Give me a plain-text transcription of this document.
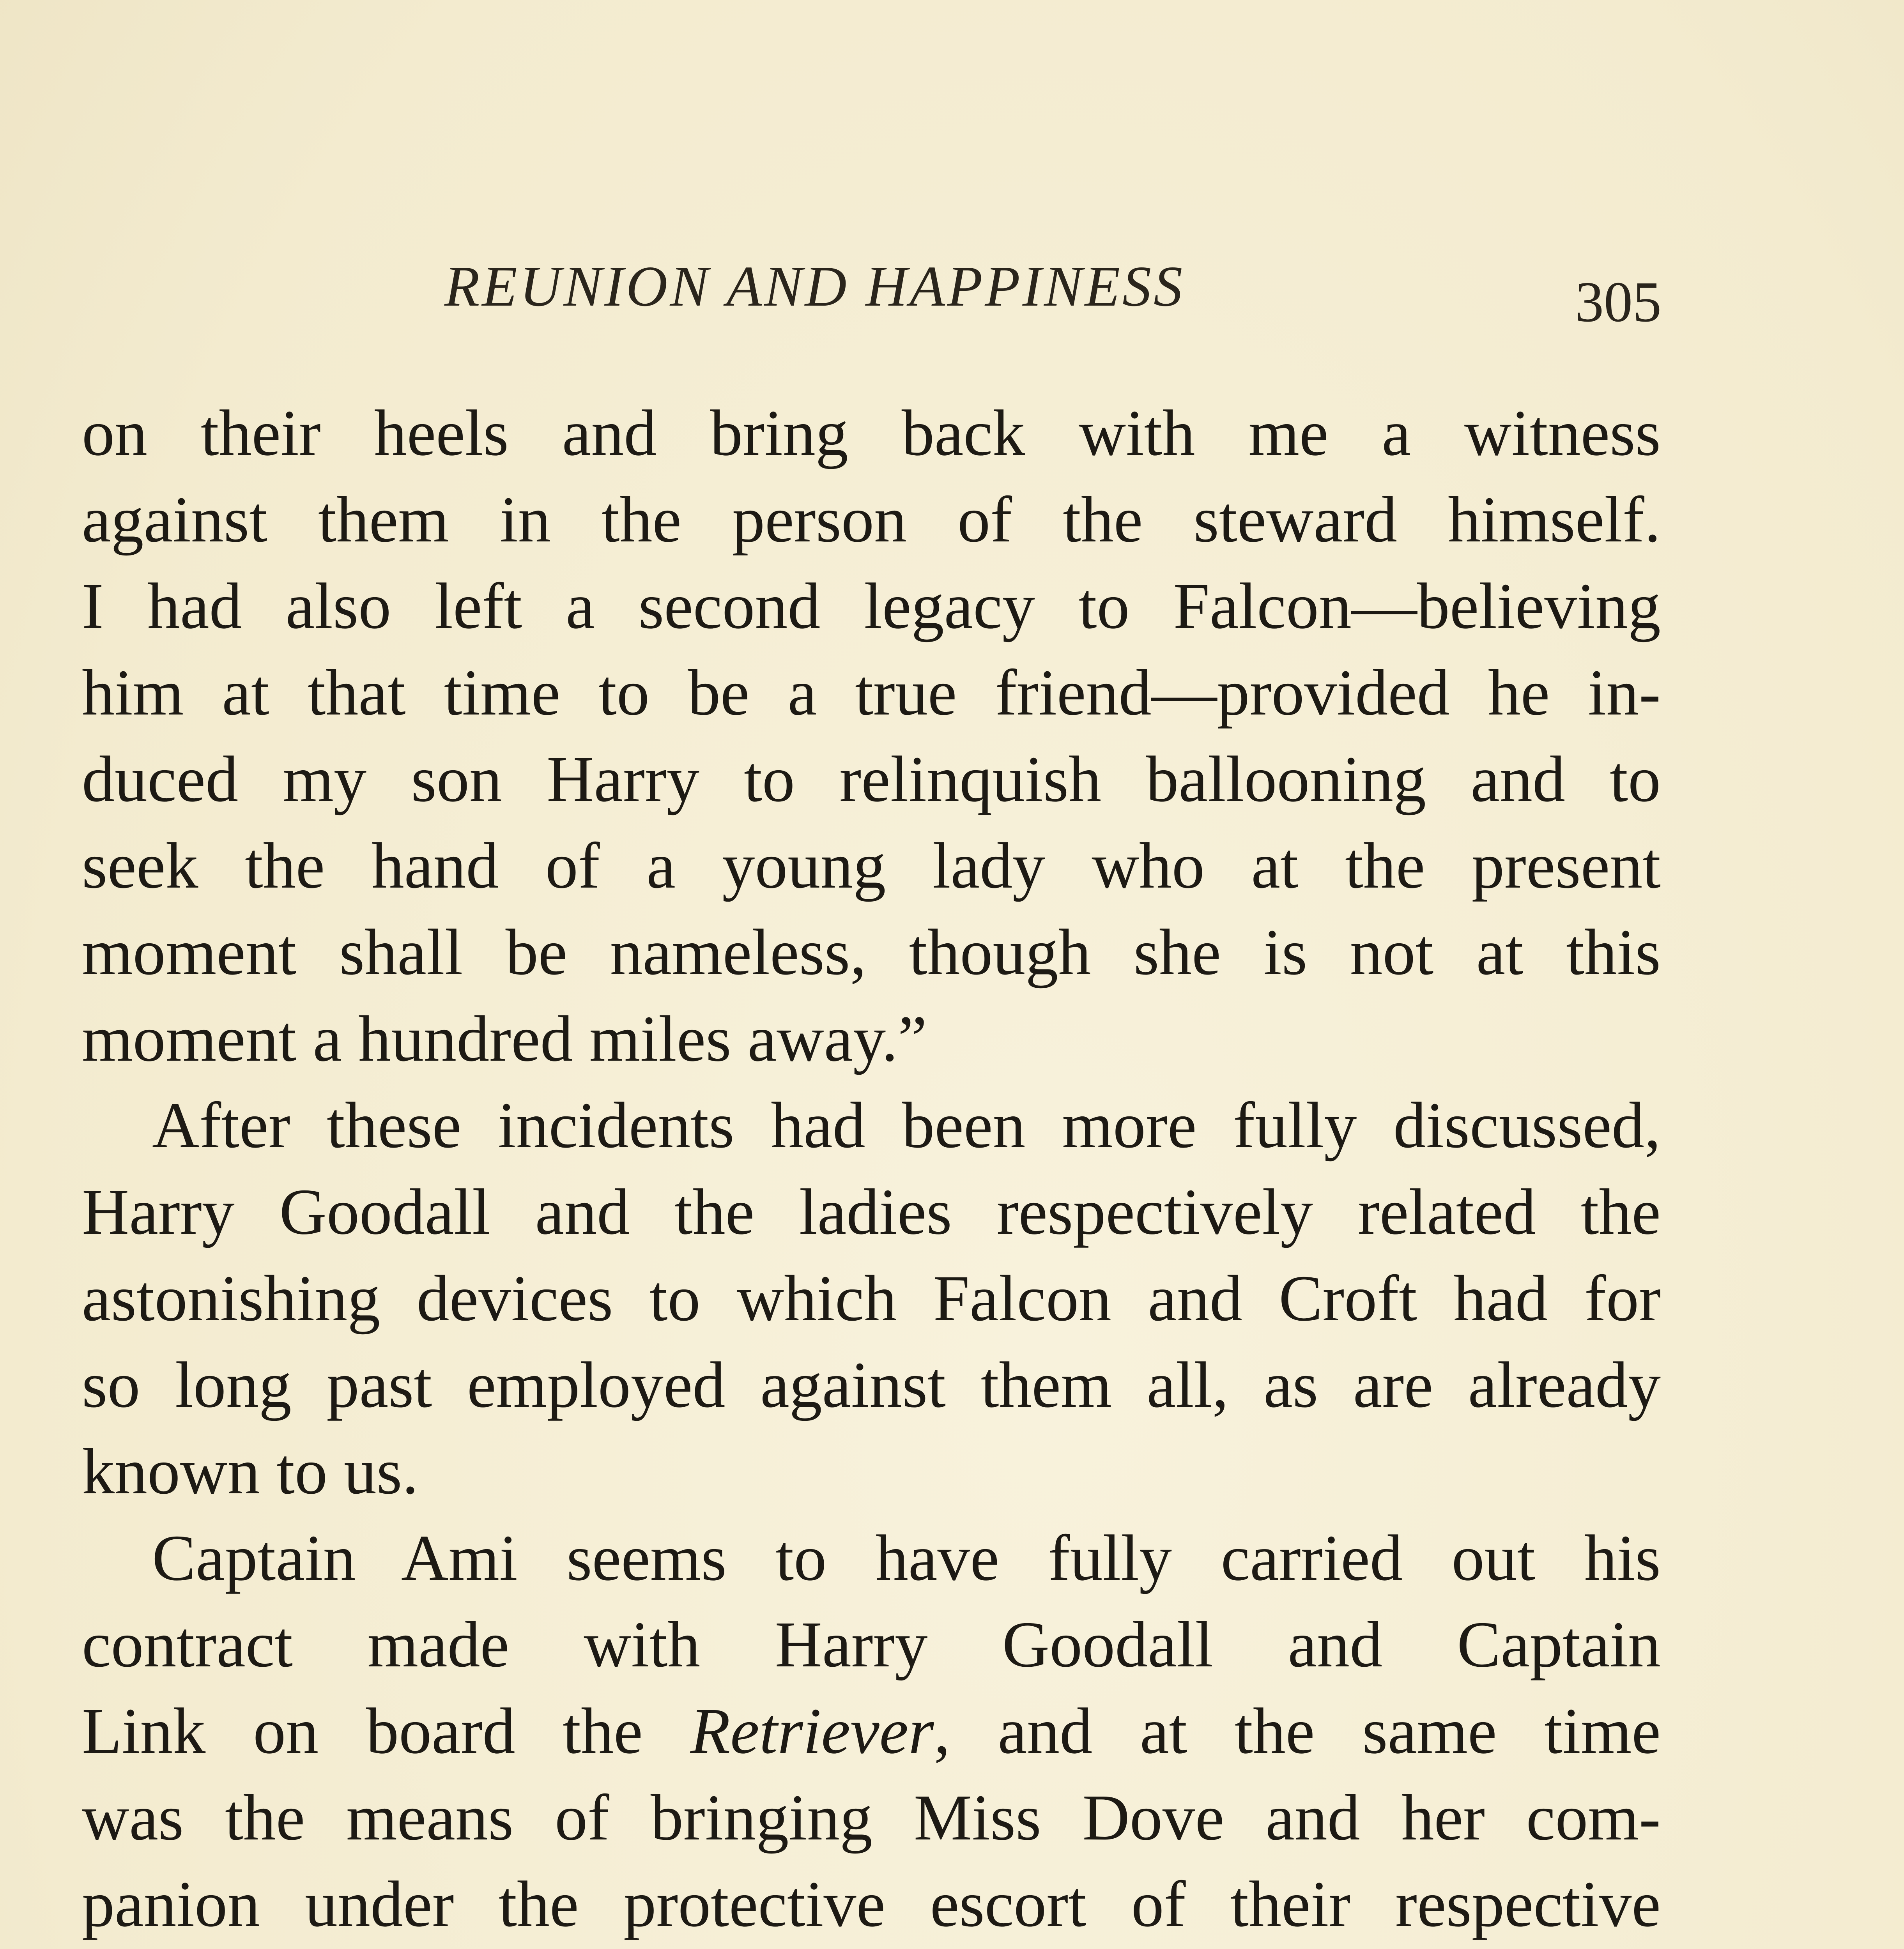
REUNION AND HAPPINESS	305
on their heels and bring back with me a witness
against them in the person of the steward himself.
I had also left a second legacy to Falcon—believing
him at that time to be a true friend—provided he in-
duced my son Harry to relinquish ballooning and to
seek the hand of a young lady who at the present
moment shall be nameless, though she is not at this
moment a hundred miles away.”
After these incidents had been more fully discussed,
Harry Goodall and the ladies respectively related the
astonishing devices to which Falcon and Croft had for
so long past employed against them all, as are already
known to us.
Captain Ami seems to have fully carried out his
contract made with Harry Goodall and Captain
Link on board the Retriever, and at the same time
was the means of bringing Miss Dove and her com-
panion under the protective escort of their respective
